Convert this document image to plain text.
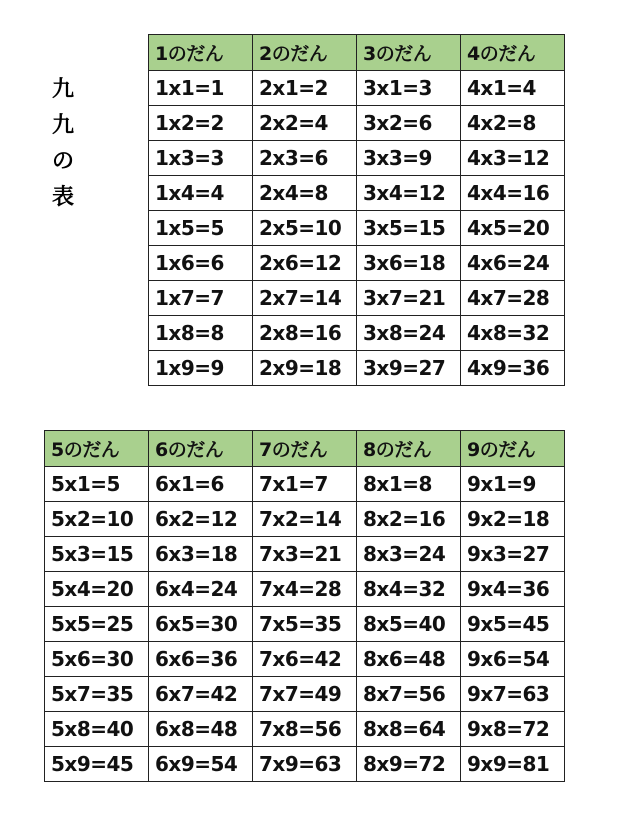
九
九
の
表
1のだん	2のだん	3のだん	4のだん
1x1=1	2x1=2	3x1=3	4x1=4
1x2=2	2x2=4	3x2=6	4x2=8
1x3=3	2x3=6	3x3=9	4x3=12
1x4=4	2x4=8	3x4=12	4x4=16
1x5=5	2x5=10	3x5=15	4x5=20
1x6=6	2x6=12	3x6=18	4x6=24
1x7=7	2x7=14	3x7=21	4x7=28
1x8=8	2x8=16	3x8=24	4x8=32
1x9=9	2x9=18	3x9=27	4x9=36
5のだん	6のだん	7のだん	8のだん	9のだん
5x1=5	6x1=6	7x1=7	8x1=8	9x1=9
5x2=10	6x2=12	7x2=14	8x2=16	9x2=18
5x3=15	6x3=18	7x3=21	8x3=24	9x3=27
5x4=20	6x4=24	7x4=28	8x4=32	9x4=36
5x5=25	6x5=30	7x5=35	8x5=40	9x5=45
5x6=30	6x6=36	7x6=42	8x6=48	9x6=54
5x7=35	6x7=42	7x7=49	8x7=56	9x7=63
5x8=40	6x8=48	7x8=56	8x8=64	9x8=72
5x9=45	6x9=54	7x9=63	8x9=72	9x9=81
